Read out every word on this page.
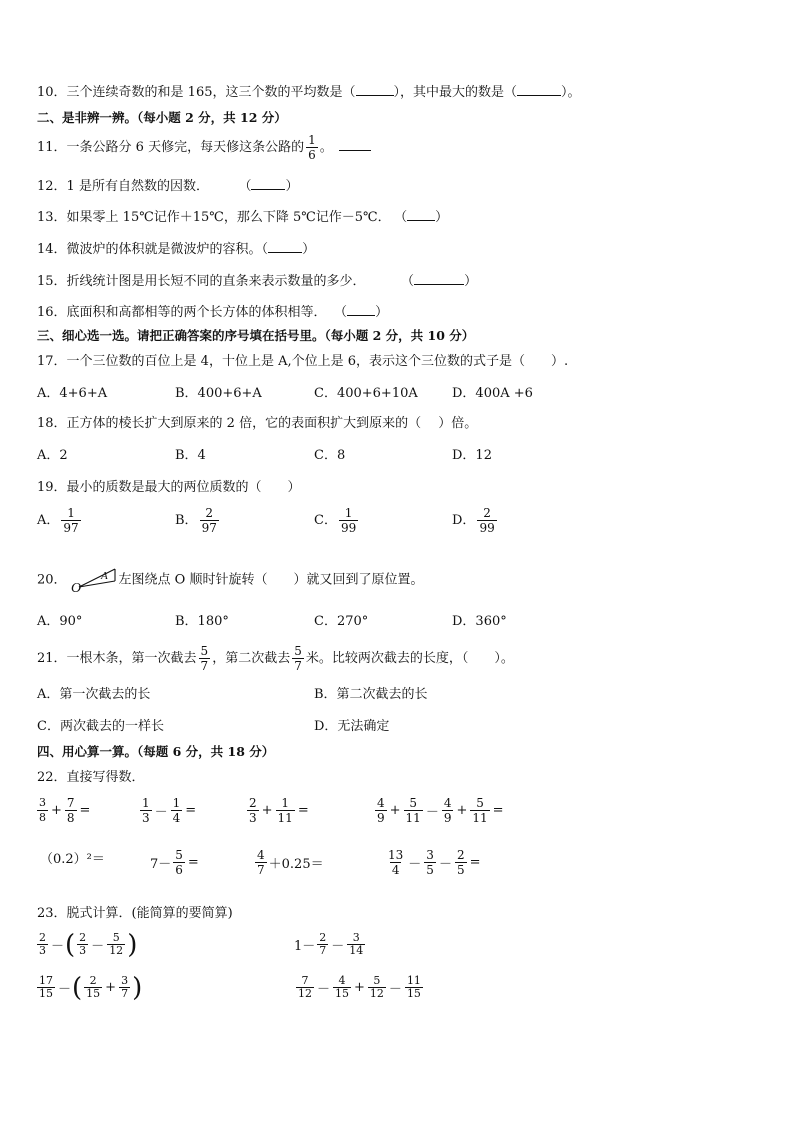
10．三个连续奇数的和是 165，这三个数的平均数是（	），其中最大的数是（	）。
二、是非辨一辨。（每小题 2 分，共 12 分）
11．一条公路分 6 天修完，每天修这条公路的 $\frac{1}{6}$ 。
12．1 是所有自然数的因数．	（	）
13．如果零上 15℃记作＋15℃，那么下降 5℃记作－5℃． （ ）
14．微波炉的体积就是微波炉的容积。（	）
15．折线统计图是用长短不同的直条来表示数量的多少．	（	）
16．底面积和高都相等的两个长方体的体积相等． （ ）
三、细心选一选。请把正确答案的序号填在括号里。（每小题 2 分，共 10 分）
17．一个三位数的百位上是 4，十位上是 A,个位上是 6，表示这个三位数的式子是（　　）.
A．4+6+A	B．400+6+A	C．400+6+10A	D．400A +6
18．正方体的棱长扩大到原来的 2 倍，它的表面积扩大到原来的（　 ）倍。
A．2	B．4	C．8	D．12
19．最小的质数是最大的两位质数的（　　）
A． $\frac{1}{97}$	B． $\frac{2}{97}$	C． $\frac{1}{99}$	D． $\frac{2}{99}$
20．
O
A 左图绕点 O 顺时针旋转（　　）就又回到了原位置。
A．90°	B．180°	C．270°	D．360°
21．一根木条，第一次截去 $\frac{5}{7}$ ，第二次截去 $\frac{5}{7}$ 米。比较两次截去的长度，（　　）。
A．第一次截去的长	B．第二次截去的长
C．两次截去的一样长	D．无法确定
四、用心算一算。（每题 6 分，共 18 分）
22．直接写得数．
$\frac{3}{8} + \frac{7}{8}$ =	$\frac{1}{3} - \frac{1}{4}$ =	$\frac{2}{3} + \frac{1}{11}$ =	$\frac{4}{9} + \frac{5}{11} - \frac{4}{9} + \frac{5}{11}$ =
（0.2）²＝	$7- \frac{5}{6}$ =	$\frac{4}{7} +0.25=$	$\frac{13}{4} - \frac{3}{5} - \frac{2}{5}$ =
23．脱式计算．(能简算的要简算)
$\frac{2}{3}$ － ( $\frac{2}{3} - \frac{5}{12}$ )	$1- \frac{2}{7} - \frac{3}{14}$
$\frac{17}{15}$ － ( $\frac{2}{15} + \frac{3}{7}$ )	$\frac{7}{12} - \frac{4}{15} + \frac{5}{12} - \frac{11}{15}$
